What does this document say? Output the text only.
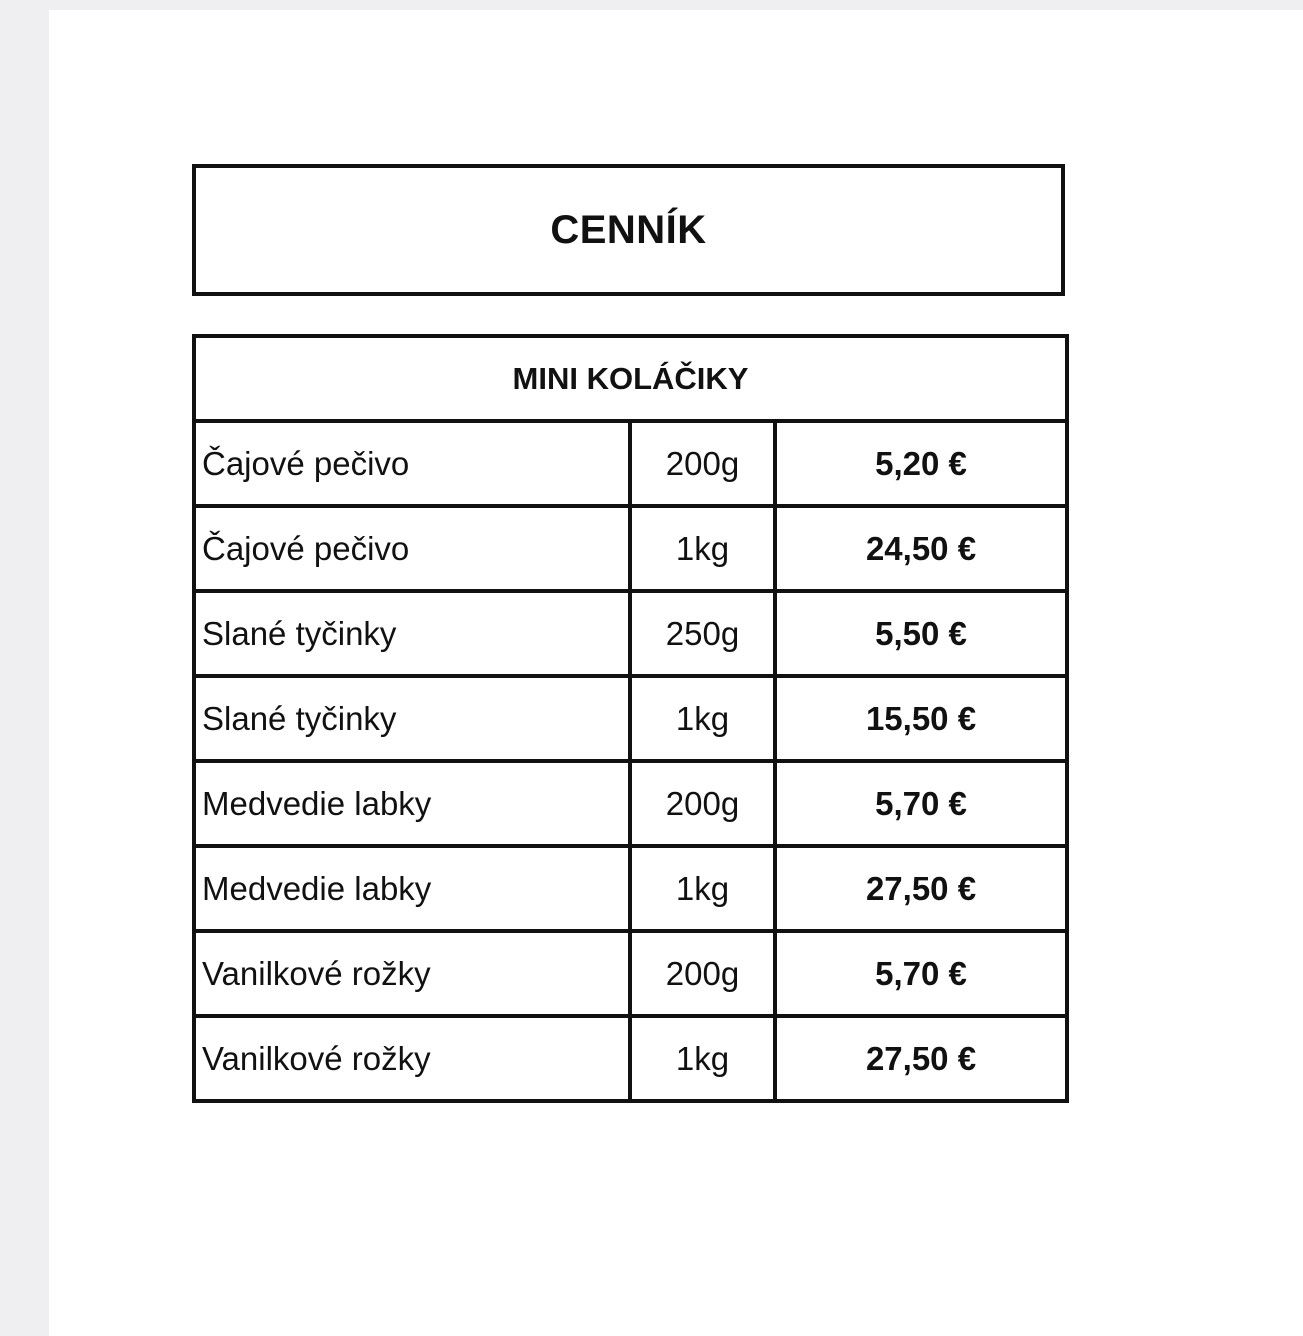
CENNÍK
MINI KOLÁČIKY		
Čajové pečivo	200g	5,20 €
Čajové pečivo	1kg	24,50 €
Slané tyčinky	250g	5,50 €
Slané tyčinky	1kg	15,50 €
Medvedie labky	200g	5,70 €
Medvedie labky	1kg	27,50 €
Vanilkové rožky	200g	5,70 €
Vanilkové rožky	1kg	27,50 €
